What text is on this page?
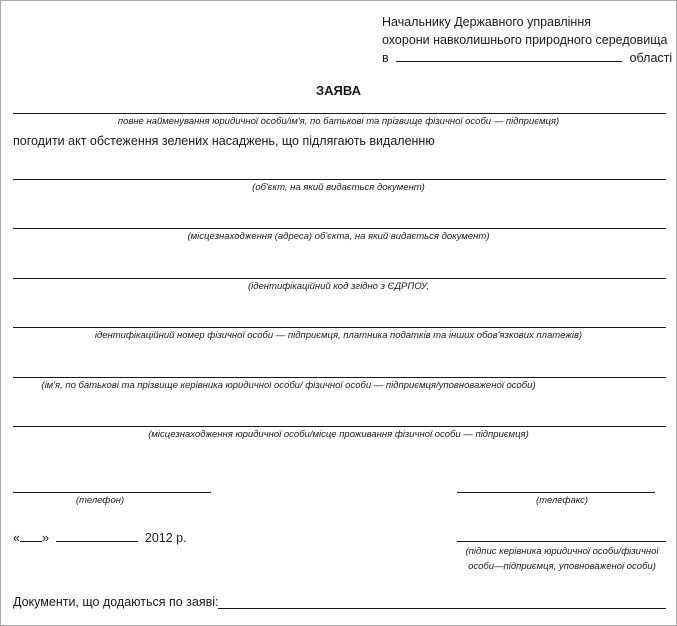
Начальнику Державного управління
охорони навколишнього природного середовища
в	області
ЗАЯВА
повне найменування юридичної особи/ім'я, по батькові та прізвище фізичної особи — підприємця)
погодити акт обстеження зелених насаджень, що підлягають видаленню
(об'єкт, на який видається документ)
(місцезнаходження (адреса) об'єкта, на який видається документ)
(ідентифікаційний код згідно з ЄДРПОУ,
ідентифікаційний номер фізичної особи — підприємця, платника податків та інших обов'язкових платежів)
(ім'я, по батькові та прізвище керівника юридичної особи/ фізичної особи — підприємця/уповноваженої особи)
(місцезнаходження юридичної особи/місце проживання фізичної особи — підприємця)
(телефон)	(телефакс)
« »	2012 р.
(підпис керівника юридичної особи/фізичної
особи—підприємця, уповноваженої особи)
Документи, що додаються по заяві:
